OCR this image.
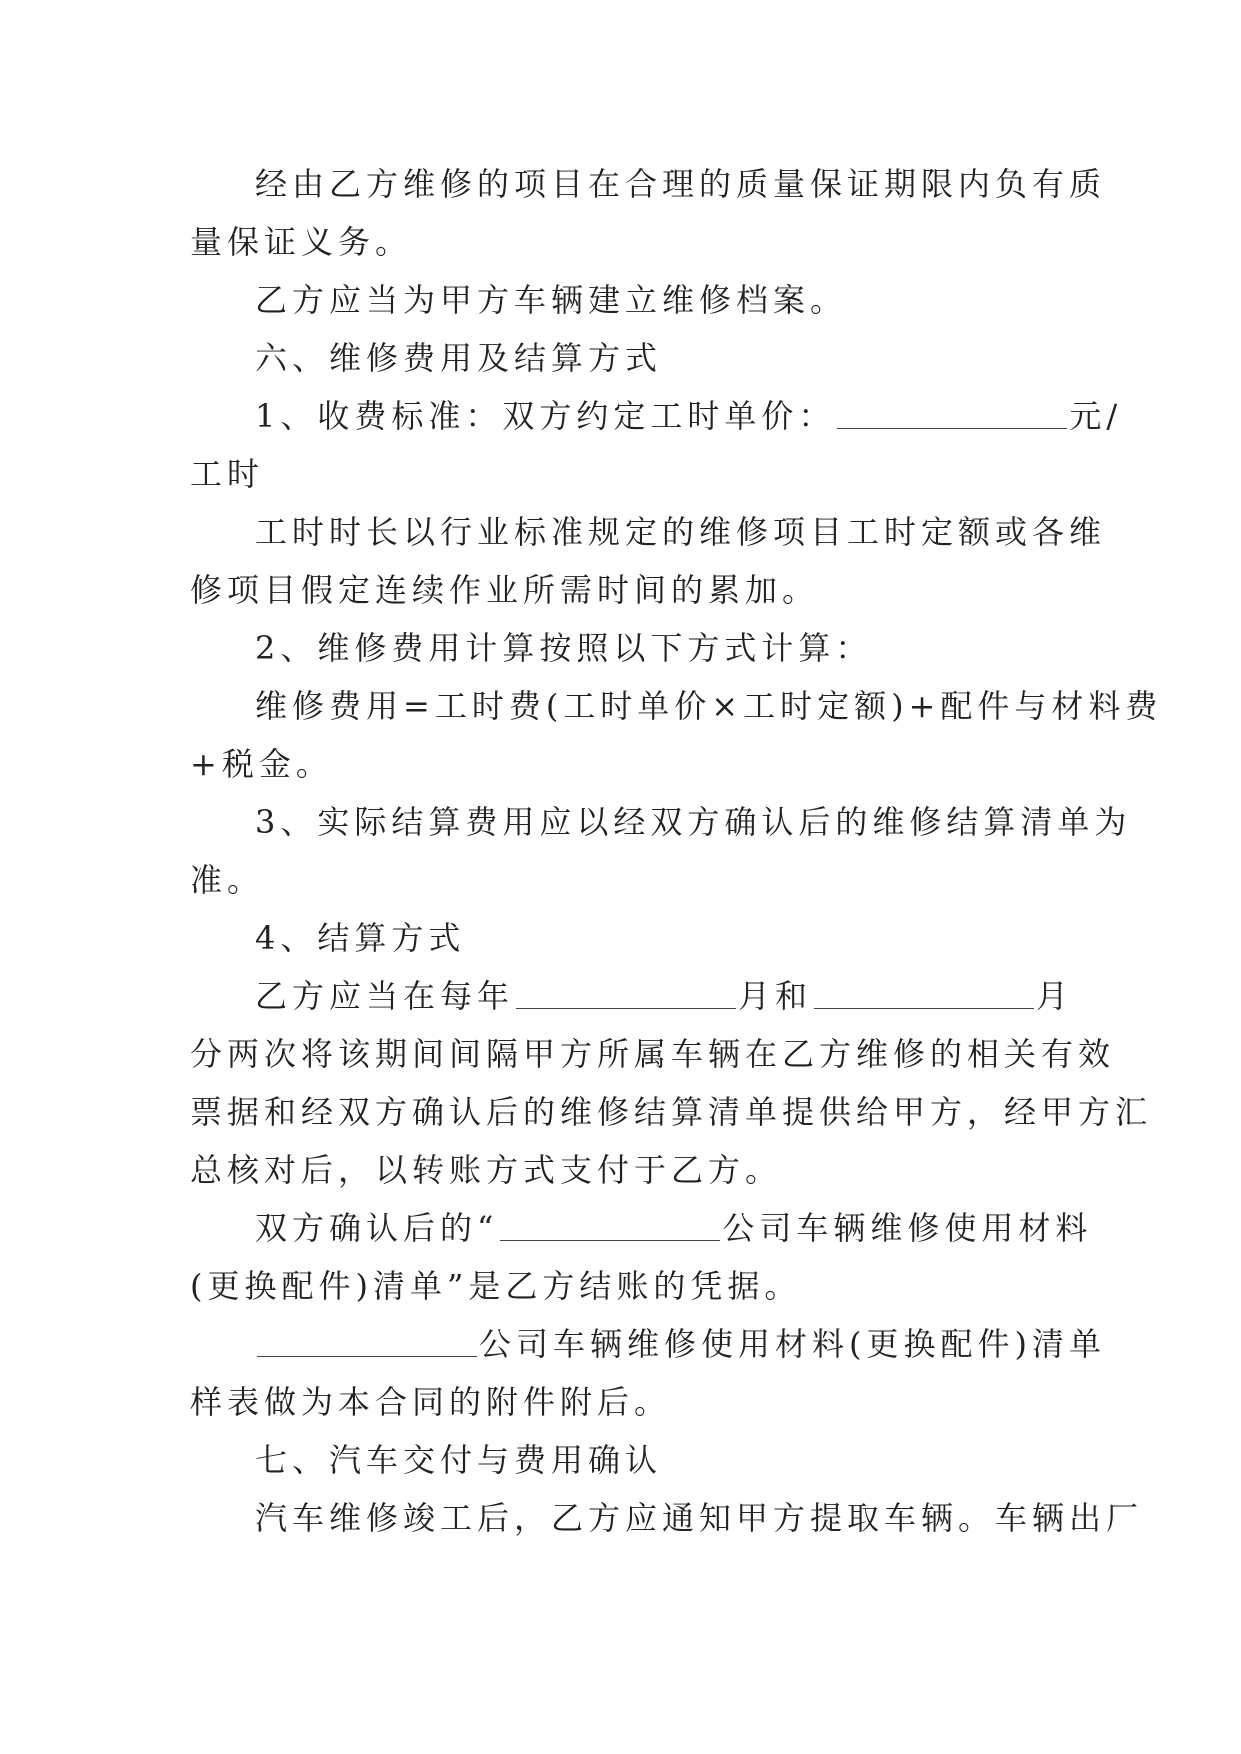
经由乙方维修的项目在合理的质量保证期限内负有质
量保证义务。
乙方应当为甲方车辆建立维修档案。
六、维修费用及结算方式
1、收费标准：双方约定工时单价：	元/
工时
工时时长以行业标准规定的维修项目工时定额或各维
修项目假定连续作业所需时间的累加。
2、维修费用计算按照以下方式计算：
维修费用=工时费(工时单价×工时定额)+配件与材料费
+税金。
3、实际结算费用应以经双方确认后的维修结算清单为
准。
4、结算方式
乙方应当在每年	月和	月
分两次将该期间间隔甲方所属车辆在乙方维修的相关有效
票据和经双方确认后的维修结算清单提供给甲方，经甲方汇
总核对后，以转账方式支付于乙方。
双方确认后的“	公司车辆维修使用材料
(更换配件)清单”是乙方结账的凭据。
公司车辆维修使用材料(更换配件)清单
样表做为本合同的附件附后。
七、汽车交付与费用确认
汽车维修竣工后，乙方应通知甲方提取车辆。车辆出厂
